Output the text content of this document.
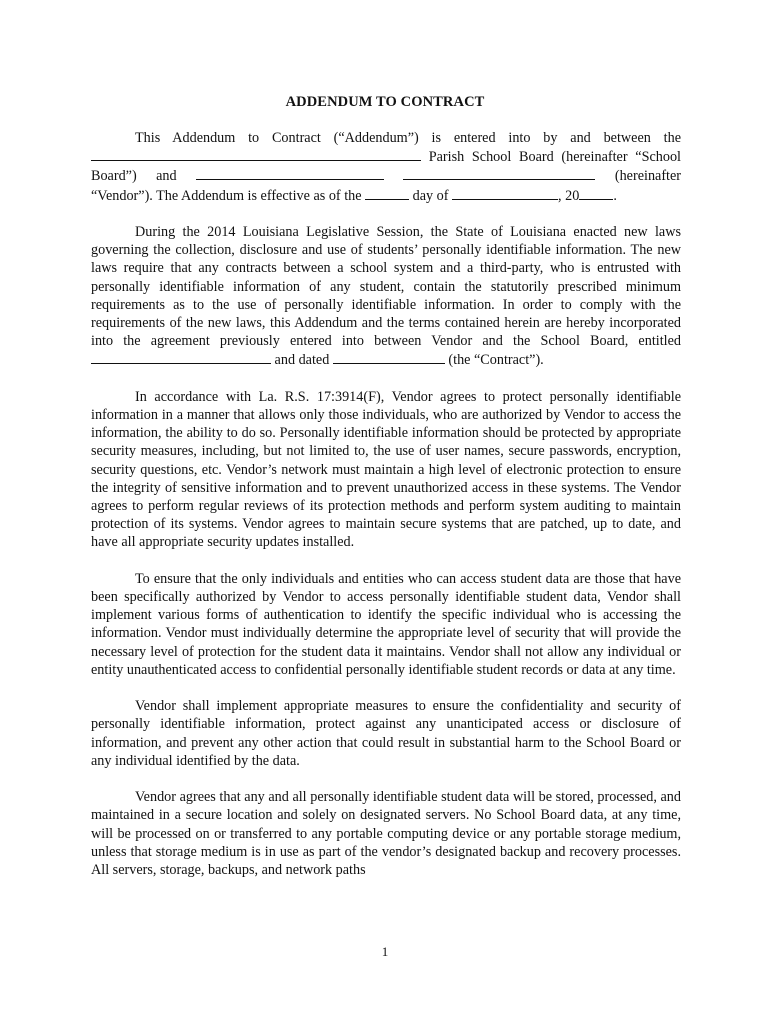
ADDENDUM TO CONTRACT
This Addendum to Contract (“Addendum”) is entered into by and between the
Parish School Board (hereinafter “School
Board”) and	(hereinafter
“Vendor”). The Addendum is effective as of the	day of	, 20 .

During the 2014 Louisiana Legislative Session, the State of Louisiana enacted new laws governing the collection, disclosure and use of students’ personally identifiable information. The new laws require that any contracts between a school system and a third-party, who is entrusted with personally identifiable information of any student, contain the statutorily prescribed minimum requirements as to the use of personally identifiable information. In order to comply with the requirements of the new laws, this Addendum and the terms contained herein are hereby incorporated into the agreement previously entered into between Vendor and the School Board, entitled  and dated	(the “Contract”).

In accordance with La. R.S. 17:3914(F), Vendor agrees to protect personally identifiable information in a manner that allows only those individuals, who are authorized by Vendor to access the information, the ability to do so. Personally identifiable information should be protected by appropriate security measures, including, but not limited to, the use of user names, secure passwords, encryption, security questions, etc. Vendor’s network must maintain a high level of electronic protection to ensure the integrity of sensitive information and to prevent unauthorized access in these systems. The Vendor agrees to perform regular reviews of its protection methods and perform system auditing to maintain protection of its systems. Vendor agrees to maintain secure systems that are patched, up to date, and have all appropriate security updates installed.

To ensure that the only individuals and entities who can access student data are those that have been specifically authorized by Vendor to access personally identifiable student data, Vendor shall implement various forms of authentication to identify the specific individual who is accessing the information. Vendor must individually determine the appropriate level of security that will provide the necessary level of protection for the student data it maintains. Vendor shall not allow any individual or entity unauthenticated access to confidential personally identifiable student records or data at any time.

Vendor shall implement appropriate measures to ensure the confidentiality and security of personally identifiable information, protect against any unanticipated access or disclosure of information, and prevent any other action that could result in substantial harm to the School Board or any individual identified by the data.

Vendor agrees that any and all personally identifiable student data will be stored, processed, and maintained in a secure location and solely on designated servers. No School Board data, at any time, will be processed on or transferred to any portable computing device or any portable storage medium, unless that storage medium is in use as part of the vendor’s designated backup and recovery processes. All servers, storage, backups, and network paths

1
